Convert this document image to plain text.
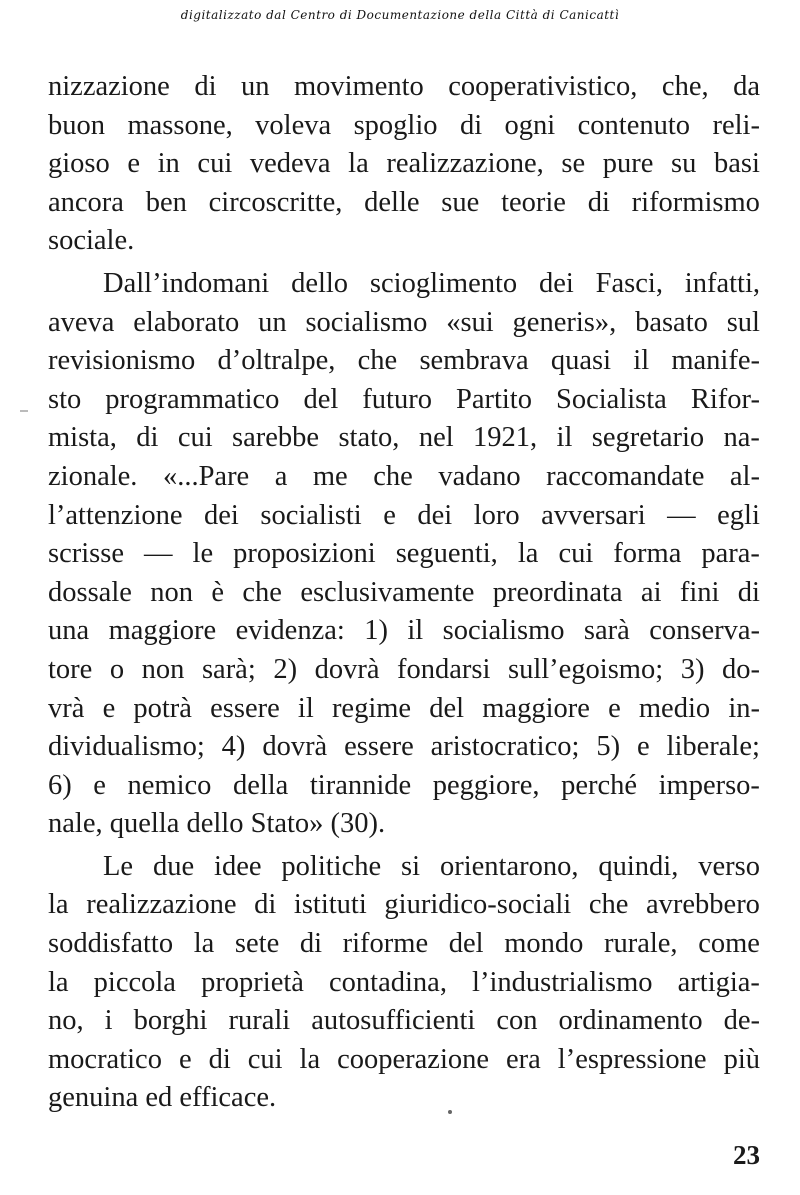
digitalizzato dal Centro di Documentazione della Città di Canicattì
nizzazione di un movimento cooperativistico, che, da
buon massone, voleva spoglio di ogni contenuto reli-
gioso e in cui vedeva la realizzazione, se pure su basi
ancora ben circoscritte, delle sue teorie di riformismo
sociale.
Dall’indomani dello scioglimento dei Fasci, infatti,
aveva elaborato un socialismo «sui generis», basato sul
revisionismo d’oltralpe, che sembrava quasi il manife-
sto programmatico del futuro Partito Socialista Rifor-
mista, di cui sarebbe stato, nel 1921, il segretario na-
zionale. «...Pare a me che vadano raccomandate al-
l’attenzione dei socialisti e dei loro avversari — egli
scrisse — le proposizioni seguenti, la cui forma para-
dossale non è che esclusivamente preordinata ai fini di
una maggiore evidenza: 1) il socialismo sarà conserva-
tore o non sarà; 2) dovrà fondarsi sull’egoismo; 3) do-
vrà e potrà essere il regime del maggiore e medio in-
dividualismo; 4) dovrà essere aristocratico; 5) e liberale;
6) e nemico della tirannide peggiore, perché imperso-
nale, quella dello Stato» (30).
Le due idee politiche si orientarono, quindi, verso
la realizzazione di istituti giuridico-sociali che avrebbero
soddisfatto la sete di riforme del mondo rurale, come
la piccola proprietà contadina, l’industrialismo artigia-
no, i borghi rurali autosufficienti con ordinamento de-
mocratico e di cui la cooperazione era l’espressione più
genuina ed efficace.
23
